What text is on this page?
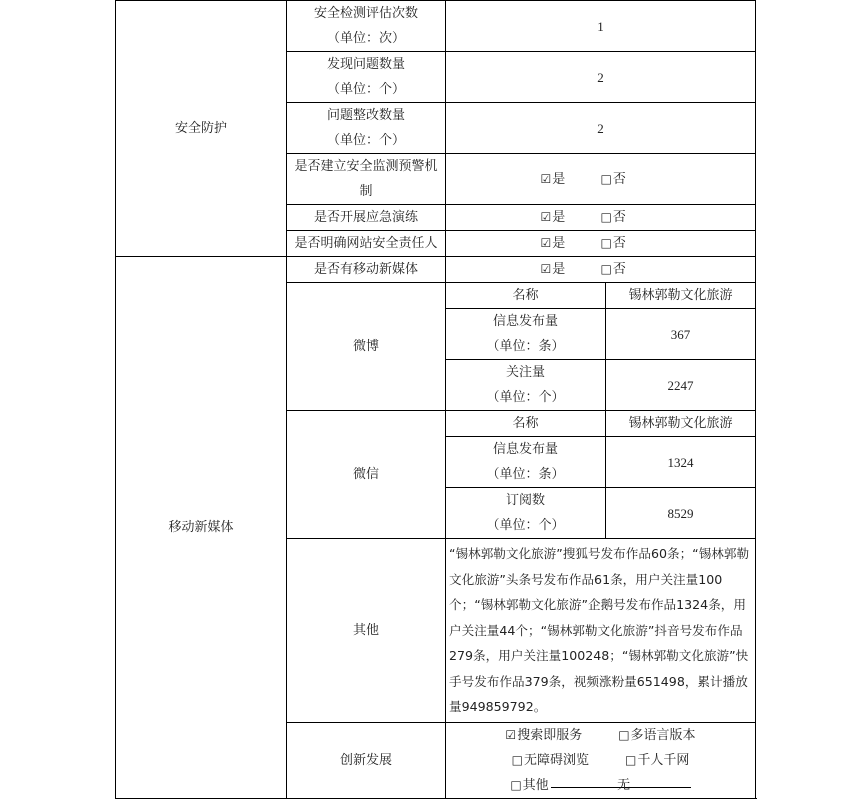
安全防护	安全检测评估次数
（单位：次）	1	

	发现问题数量
（单位：个）	2	

	问题整改数量
（单位：个）	2	

	是否建立安全监测预警机
制	☑是 □否	
	是否开展应急演练	☑是 □否	
	是否明确网站安全责任人	☑是 □否	
移动新媒体	是否有移动新媒体	☑是 □否	
	微博	名称	锡林郭勒文化旅游

		信息发布量
（单位：条）	367

		关注量
（单位：个）	2247
	微信	名称	锡林郭勒文化旅游

		信息发布量
（单位：条）	1324

		订阅数
（单位：个）	8529
	其他	“锡林郭勒文化旅游”搜狐号发布作品60条；“锡林郭勒文化旅游”头条号发布作品61条，用户关注量100个；“锡林郭勒文化旅游”企鹅号发布作品1324条，用户关注量44个；“锡林郭勒文化旅游”抖音号发布作品279条，用户关注量100248；“锡林郭勒文化旅游”快手号发布作品379条，视频涨粉量651498，累计播放量949859792。	
	创新发展	☑搜索即服务 □多语言版本□无障碍浏览 □千人千网
□其他 无	
